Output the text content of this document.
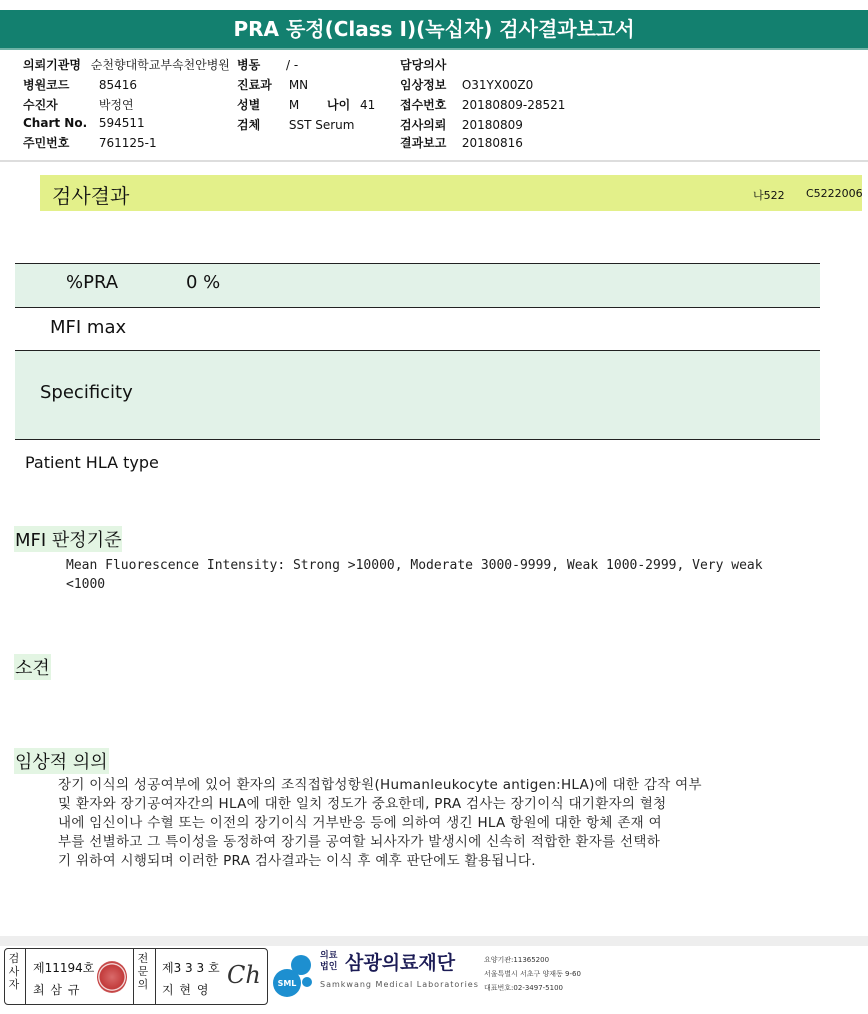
PRA 동정(Class I)(녹십자) 검사결과보고서
의뢰기관명 순천향대학교부속천안병원 병동 / -	담당의사
병원코드 85416	진료과 MN	임상정보 O31YX00Z0
수진자	박정연	성별 M 나이 41 접수번호 20180809-28521
Chart No. 594511	검체 SST Serum	검사의뢰 20180809
주민번호 761125-1	결과보고 20180816
검사결과	나522 C5222006
%PRA	0 %
MFI max
Specificity
Patient HLA type
MFI 판정기준
Mean Fluorescence Intensity: Strong >10000, Moderate 3000-9999, Weak 1000-2999, Very weak
<1000
소견
임상적 의의
장기 이식의 성공여부에 있어 환자의 조직접합성항원(Humanleukocyte antigen:HLA)에 대한 감작 여부
및 환자와 장기공여자간의 HLA에 대한 일치 정도가 중요한데, PRA 검사는 장기이식 대기환자의 혈청
내에 임신이나 수혈 또는 이전의 장기이식 거부반응 등에 의하여 생긴 HLA 항원에 대한 항체 존재 여
부를 선별하고 그 특이성을 동정하여 장기를 공여할 뇌사자가 발생시에 신속히 적합한 환자를 선택하
기 위하여 시행되며 이러한 PRA 검사결과는 이식 후 예후 판단에도 활용됩니다.
검사자
제11194호
최 삼 규
전문의
제3 3 3 호
지 현 영
Ch SML
의료
법인 삼광의료재단
Samkwang Medical Laboratories
요양기관:11365200
서울특별시 서초구 양재동 9-60
대표번호:02-3497-5100
